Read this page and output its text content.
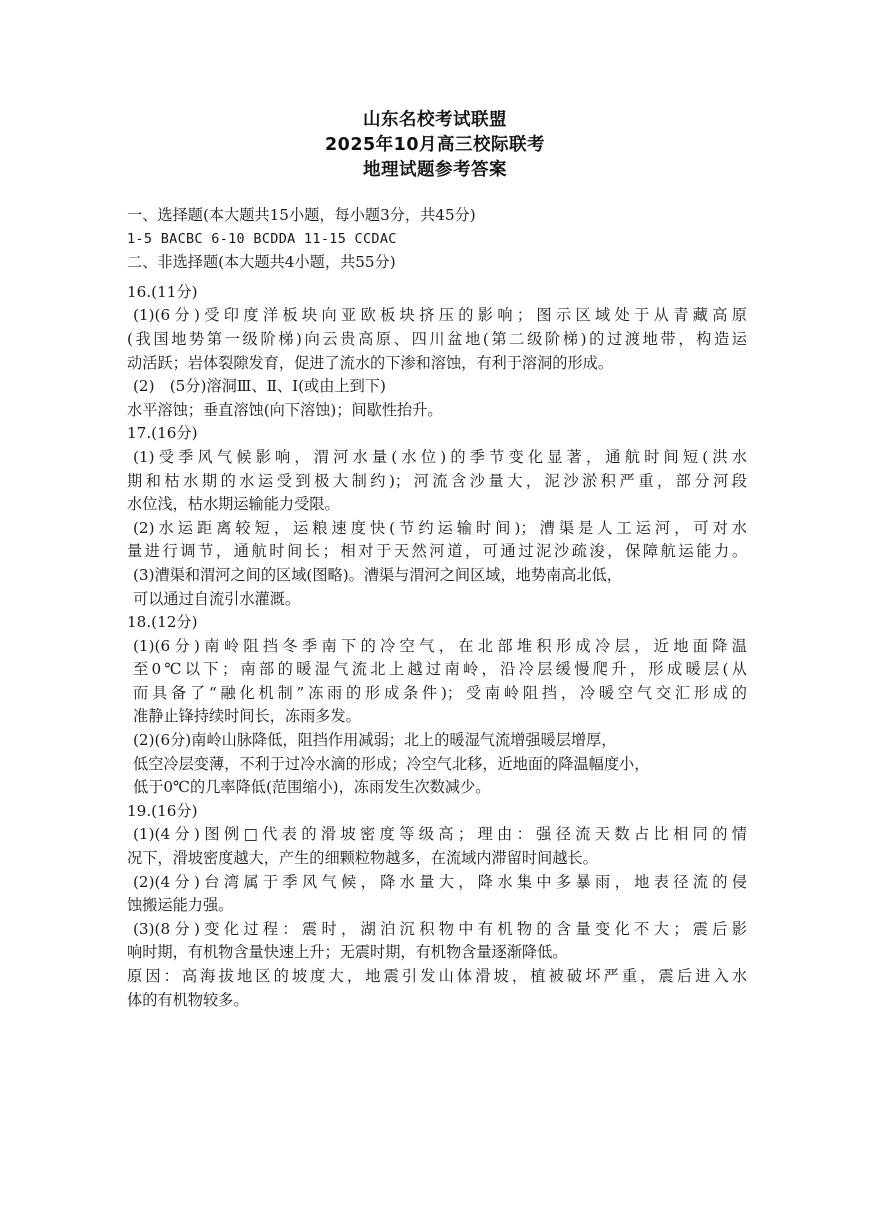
山东名校考试联盟
2025年10月高三校际联考
地理试题参考答案
一、选择题(本大题共15小题，每小题3分，共45分)
1-5 BACBC 6-10 BCDDA 11-15 CCDAC
二、非选择题(本大题共4小题，共55分)
16.(11分)
(1)(6分)受印度洋板块向亚欧板块挤压的影响；图示区域处于从青藏高原
(我国地势第一级阶梯)向云贵高原、四川盆地(第二级阶梯)的过渡地带，构造运
动活跃；岩体裂隙发育，促进了流水的下渗和溶蚀，有利于溶洞的形成。
(2)　(5分)溶洞Ⅲ、Ⅱ、Ⅰ(或由上到下)
水平溶蚀；垂直溶蚀(向下溶蚀)；间歇性抬升。
17.(16分)
(1)受季风气候影响，渭河水量(水位)的季节变化显著，通航时间短(洪水
期和枯水期的水运受到极大制约)；河流含沙量大，泥沙淤积严重，部分河段
水位浅，枯水期运输能力受限。
(2)水运距离较短，运粮速度快(节约运输时间)；漕渠是人工运河，可对水
量进行调节，通航时间长；相对于天然河道，可通过泥沙疏浚，保障航运能力。
(3)漕渠和渭河之间的区域(图略)。漕渠与渭河之间区域，地势南高北低，
可以通过自流引水灌溉。
18.(12分)
(1)(6分)南岭阻挡冬季南下的冷空气，在北部堆积形成冷层，近地面降温
至0℃以下；南部的暖湿气流北上越过南岭，沿冷层缓慢爬升，形成暖层(从
而具备了“融化机制”冻雨的形成条件)；受南岭阻挡，冷暖空气交汇形成的
准静止锋持续时间长，冻雨多发。
(2)(6分)南岭山脉降低，阻挡作用减弱；北上的暖湿气流增强暖层增厚，
低空冷层变薄，不利于过冷水滴的形成；冷空气北移，近地面的降温幅度小，
低于0℃的几率降低(范围缩小)，冻雨发生次数减少。
19.(16分)
(1)(4分)图例□代表的滑坡密度等级高；理由：强径流天数占比相同的情
况下，滑坡密度越大，产生的细颗粒物越多，在流域内滞留时间越长。
(2)(4分)台湾属于季风气候，降水量大，降水集中多暴雨，地表径流的侵
蚀搬运能力强。
(3)(8分)变化过程：震时，湖泊沉积物中有机物的含量变化不大；震后影
响时期，有机物含量快速上升；无震时期，有机物含量逐渐降低。
原因：高海拔地区的坡度大，地震引发山体滑坡，植被破坏严重，震后进入水
体的有机物较多。
